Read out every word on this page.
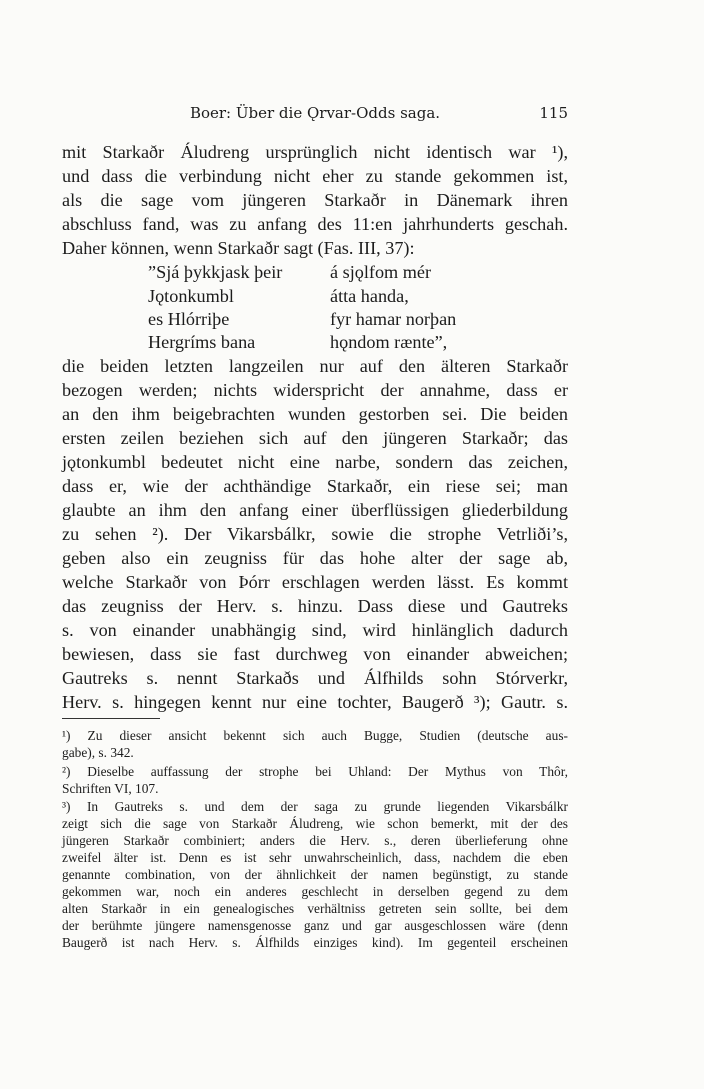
Boer: Über die Ǫrvar-Odds saga.	115
mit Starkaðr Áludreng ursprünglich nicht identisch war ¹),
und dass die verbindung nicht eher zu stande gekommen ist,
als die sage vom jüngeren Starkaðr in Dänemark ihren
abschluss fand, was zu anfang des 11:en jahrhunderts geschah.
Daher können, wenn Starkaðr sagt (Fas. III, 37):
”Sjá þykkjask þeir	á sjǫlfom mér
Jǫtonkumbl	átta handa,
es Hlórriþe	fyr hamar norþan
Hergríms bana	hǫndom rænte”,
die beiden letzten langzeilen nur auf den älteren Starkaðr
bezogen werden; nichts widerspricht der annahme, dass er
an den ihm beigebrachten wunden gestorben sei. Die beiden
ersten zeilen beziehen sich auf den jüngeren Starkaðr; das
jǫtonkumbl bedeutet nicht eine narbe, sondern das zeichen,
dass er, wie der achthändige Starkaðr, ein riese sei; man
glaubte an ihm den anfang einer überflüssigen gliederbildung
zu sehen ²). Der Vikarsbálkr, sowie die strophe Vetrliði’s,
geben also ein zeugniss für das hohe alter der sage ab,
welche Starkaðr von Þórr erschlagen werden lässt. Es kommt
das zeugniss der Herv. s. hinzu. Dass diese und Gautreks
s. von einander unabhängig sind, wird hinlänglich dadurch
bewiesen, dass sie fast durchweg von einander abweichen;
Gautreks s. nennt Starkaðs und Álfhilds sohn Stórverkr,
Herv. s. hingegen kennt nur eine tochter, Baugerð ³); Gautr. s.
¹) Zu dieser ansicht bekennt sich auch Bugge, Studien (deutsche aus-
gabe), s. 342.
²) Dieselbe auffassung der strophe bei Uhland: Der Mythus von Thôr,
Schriften VI, 107.
³) In Gautreks s. und dem der saga zu grunde liegenden Vikarsbálkr
zeigt sich die sage von Starkaðr Áludreng, wie schon bemerkt, mit der des
jüngeren Starkaðr combiniert; anders die Herv. s., deren überlieferung ohne
zweifel älter ist. Denn es ist sehr unwahrscheinlich, dass, nachdem die eben
genannte combination, von der ähnlichkeit der namen begünstigt, zu stande
gekommen war, noch ein anderes geschlecht in derselben gegend zu dem
alten Starkaðr in ein genealogisches verhältniss getreten sein sollte, bei dem
der berühmte jüngere namensgenosse ganz und gar ausgeschlossen wäre (denn
Baugerð ist nach Herv. s. Álfhilds einziges kind). Im gegenteil erscheinen
